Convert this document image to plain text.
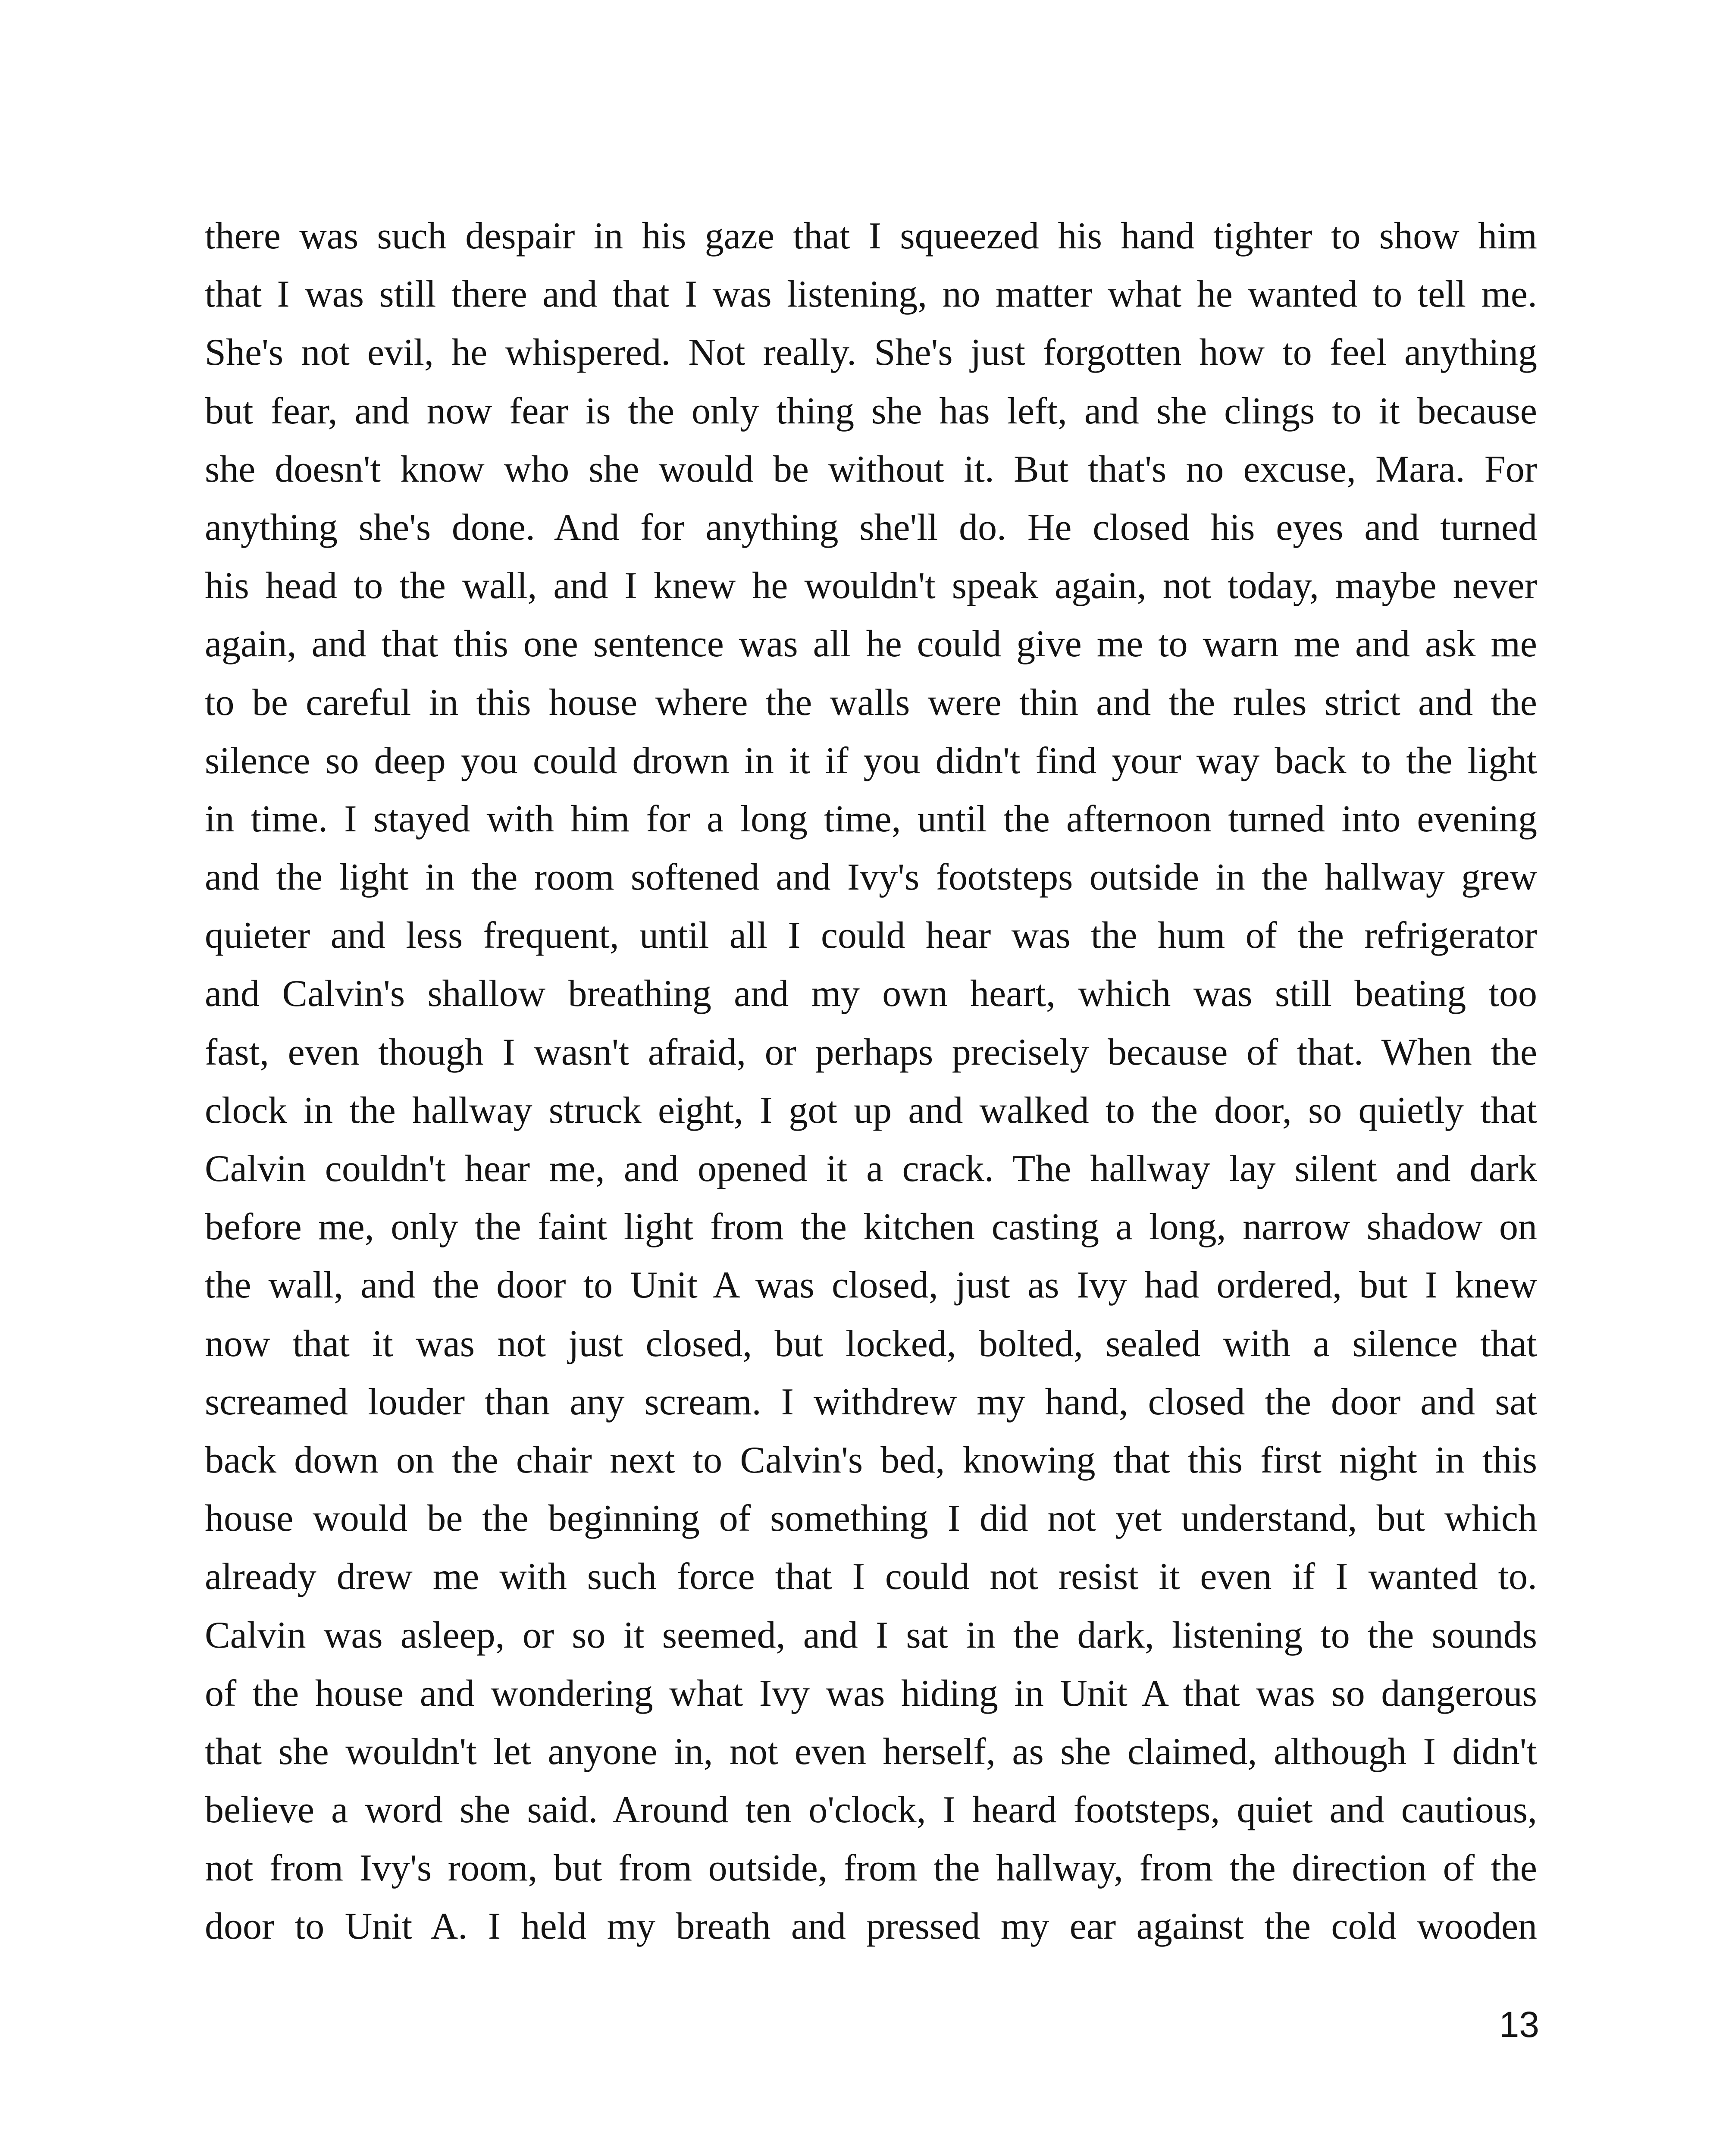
there was such despair in his gaze that I squeezed his hand tighter to show him
that I was still there and that I was listening, no matter what he wanted to tell me.
She's not evil, he whispered. Not really. She's just forgotten how to feel anything
but fear, and now fear is the only thing she has left, and she clings to it because
she doesn't know who she would be without it. But that's no excuse, Mara. For
anything she's done. And for anything she'll do. He closed his eyes and turned
his head to the wall, and I knew he wouldn't speak again, not today, maybe never
again, and that this one sentence was all he could give me to warn me and ask me
to be careful in this house where the walls were thin and the rules strict and the
silence so deep you could drown in it if you didn't find your way back to the light
in time. I stayed with him for a long time, until the afternoon turned into evening
and the light in the room softened and Ivy's footsteps outside in the hallway grew
quieter and less frequent, until all I could hear was the hum of the refrigerator
and Calvin's shallow breathing and my own heart, which was still beating too
fast, even though I wasn't afraid, or perhaps precisely because of that. When the
clock in the hallway struck eight, I got up and walked to the door, so quietly that
Calvin couldn't hear me, and opened it a crack. The hallway lay silent and dark
before me, only the faint light from the kitchen casting a long, narrow shadow on
the wall, and the door to Unit A was closed, just as Ivy had ordered, but I knew
now that it was not just closed, but locked, bolted, sealed with a silence that
screamed louder than any scream. I withdrew my hand, closed the door and sat
back down on the chair next to Calvin's bed, knowing that this first night in this
house would be the beginning of something I did not yet understand, but which
already drew me with such force that I could not resist it even if I wanted to.
Calvin was asleep, or so it seemed, and I sat in the dark, listening to the sounds
of the house and wondering what Ivy was hiding in Unit A that was so dangerous
that she wouldn't let anyone in, not even herself, as she claimed, although I didn't
believe a word she said. Around ten o'clock, I heard footsteps, quiet and cautious,
not from Ivy's room, but from outside, from the hallway, from the direction of the
door to Unit A. I held my breath and pressed my ear against the cold wooden
13
